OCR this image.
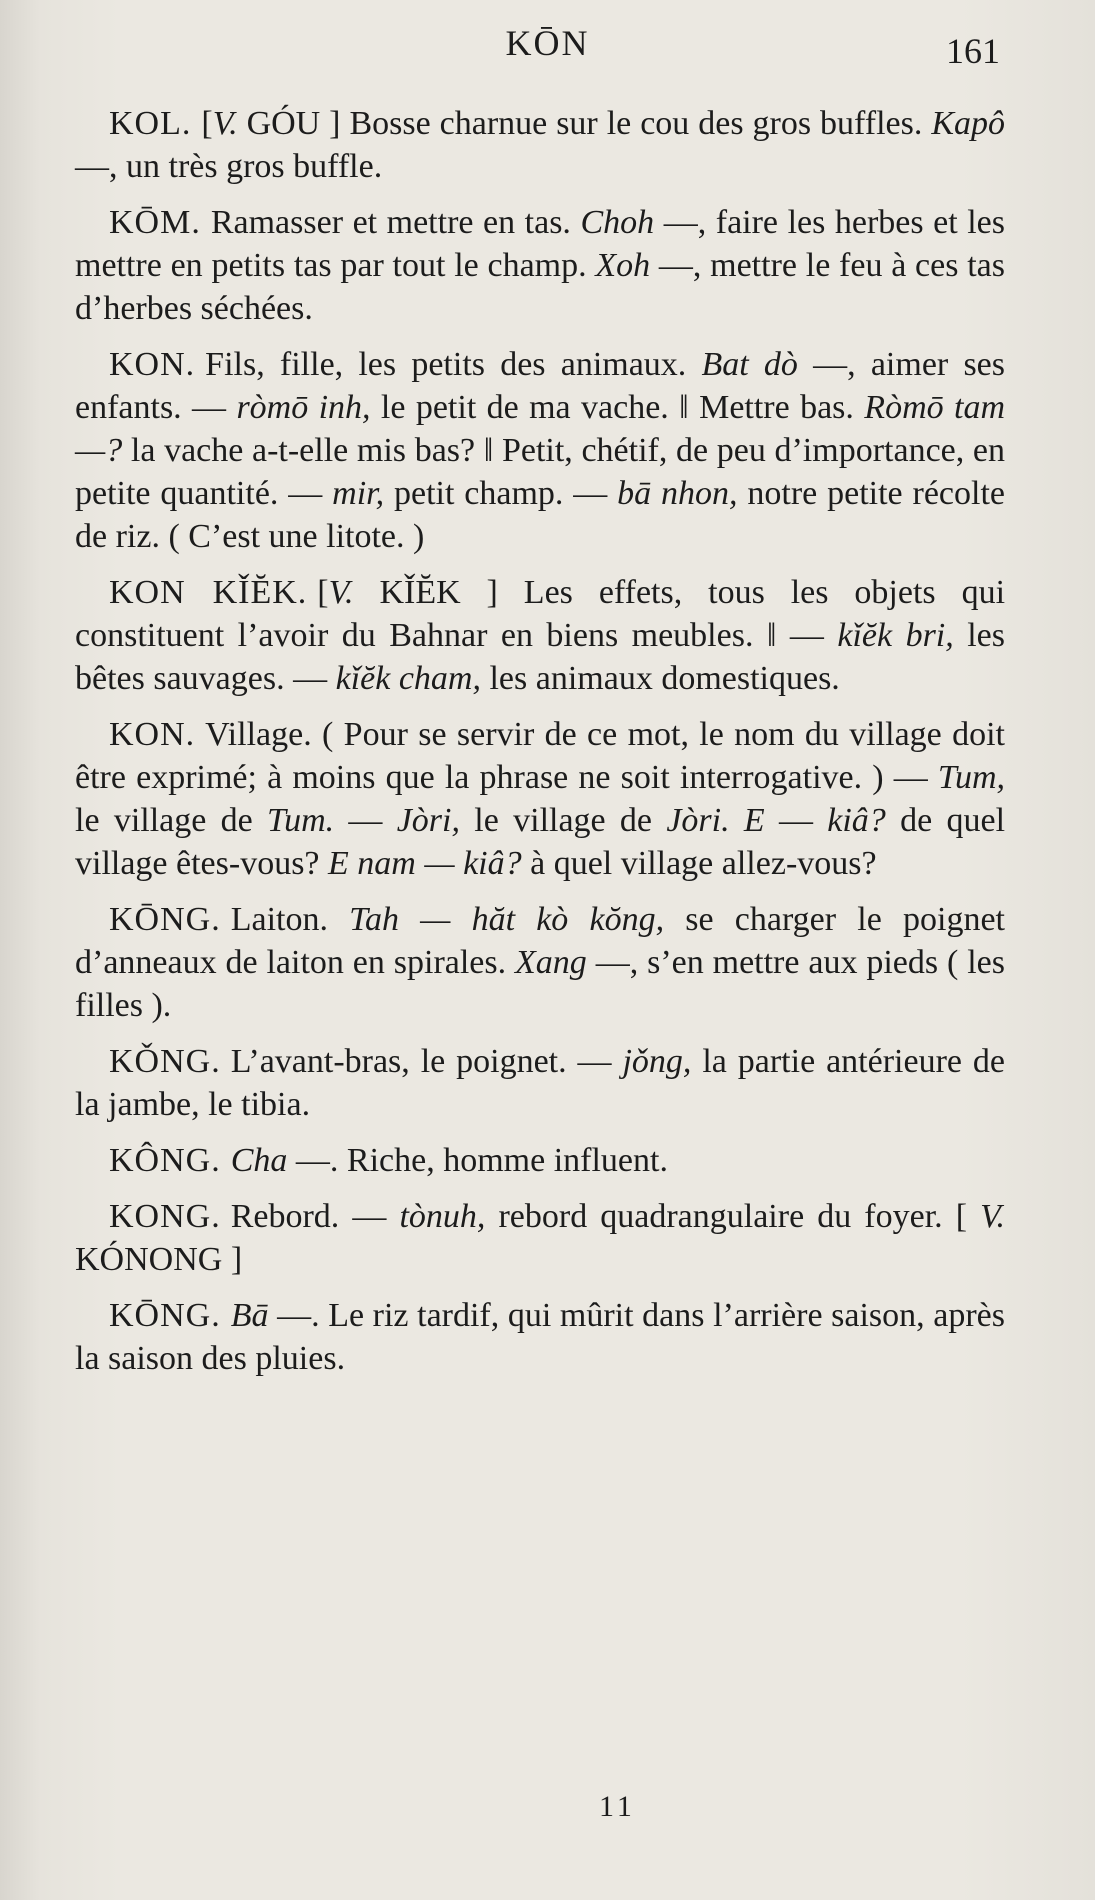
KŌN	161

KOL. [V. GÓU ] Bosse charnue sur le cou des gros buffles. Kapô —, un très gros buffle.

KŌM. Ramasser et mettre en tas. Choh —, faire les herbes et les mettre en petits tas par tout le champ. Xoh —, mettre le feu à ces tas d’herbes séchées.

KON. Fils, fille, les petits des animaux. Bat dò —, aimer ses enfants. — ròmō inh, le petit de ma vache. ‖ Mettre bas. Ròmō tam —? la vache a-t-elle mis bas? ‖ Petit, chétif, de peu d’importance, en petite quantité. — mir, petit champ. — bā nhon, notre petite récolte de riz. ( C’est une litote. )

KON KǏĔK. [V. KǏĔK ] Les effets, tous les objets qui constituent l’avoir du Bahnar en biens meubles. ‖ — kǐĕk bri, les bêtes sauvages. — kǐĕk cham, les animaux domestiques.

KON. Village. ( Pour se servir de ce mot, le nom du village doit être exprimé; à moins que la phrase ne soit interrogative. ) — Tum, le village de Tum. — Jòri, le village de Jòri. E — kiâ? de quel village êtes-vous? E nam — kiâ? à quel village allez-vous?

KŌNG. Laiton. Tah — hăt kò kŏng, se charger le poignet d’anneaux de laiton en spirales. Xang —, s’en mettre aux pieds ( les filles ).

KǑNG. L’avant-bras, le poignet. — jǒng, la partie antérieure de la jambe, le tibia.

KÔNG. Cha —. Riche, homme influent.

KONG. Rebord. — tònuh, rebord quadrangulaire du foyer. [ V. KÓNONG ]

KŌNG. Bā —. Le riz tardif, qui mûrit dans l’arrière saison, après la saison des pluies.

11
